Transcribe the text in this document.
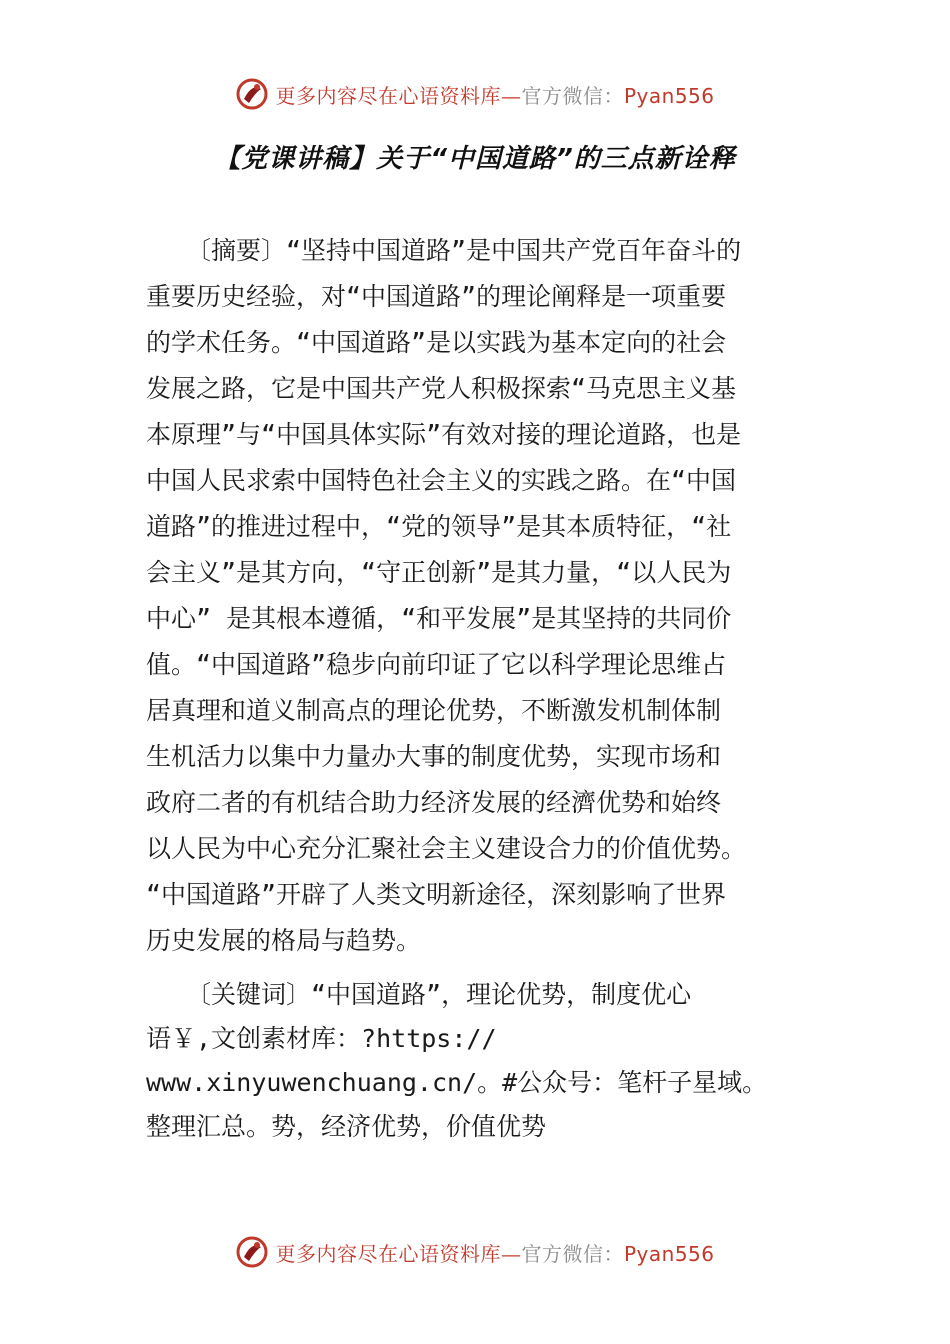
更多内容尽在心语资料库—官方微信：Pyan556
【党课讲稿】关于“中国道路”的三点新诠释
〔摘要〕“坚持中国道路”是中国共产党百年奋斗的
重要历史经验，对“中国道路”的理论阐释是一项重要
的学术任务。“中国道路”是以实践为基本定向的社会
发展之路，它是中国共产党人积极探索“马克思主义基
本原理”与“中国具体实际”有效对接的理论道路，也是
中国人民求索中国特色社会主义的实践之路。在“中国
道路”的推进过程中，“党的领导”是其本质特征，“社
会主义”是其方向，“守正创新”是其力量，“以人民为
中心” 是其根本遵循，“和平发展”是其坚持的共同价
值。“中国道路”稳步向前印证了它以科学理论思维占
居真理和道义制高点的理论优势，不断激发机制体制
生机活力以集中力量办大事的制度优势，实现市场和
政府二者的有机结合助力经济发展的经濟优势和始终
以人民为中心充分汇聚社会主义建设合力的价值优势。
“中国道路”开辟了人类文明新途径，深刻影响了世界
历史发展的格局与趋势。
〔关键词〕“中国道路”，理论优势，制度优心
语￥,文创素材库：?https://
www.xinyuwenchuang.cn/。#公众号：笔杆子星域。
整理汇总。势，经济优势，价值优势
更多内容尽在心语资料库—官方微信：Pyan556
